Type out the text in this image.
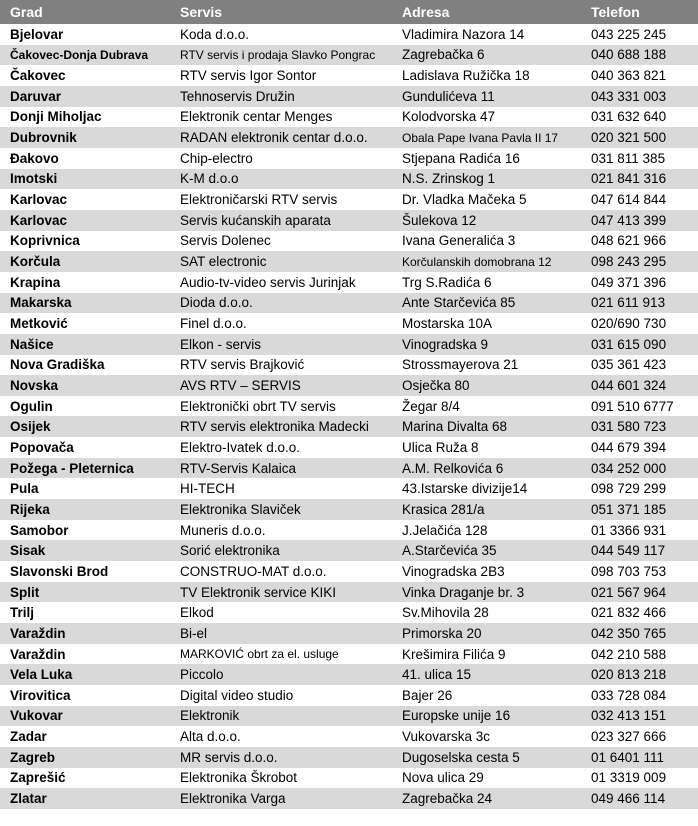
Grad	Servis	Adresa	Telefon
Bjelovar	Koda d.o.o.	Vladimira Nazora 14	043 225 245
Čakovec-Donja Dubrava	RTV servis i prodaja Slavko Pongrac	Zagrebačka 6	040 688 188
Čakovec	RTV servis Igor Sontor	Ladislava Ružička 18	040 363 821
Daruvar	Tehnoservis Družin	Gundulićeva 11	043 331 003
Donji Miholjac	Elektronik centar Menges	Kolodvorska 47	031 632 640
Dubrovnik	RADAN elektronik centar d.o.o.	Obala Pape Ivana Pavla II 17	020 321 500
Đakovo	Chip-electro	Stjepana Radića 16	031 811 385
Imotski	K-M d.o.o	N.S. Zrinskog 1	021 841 316
Karlovac	Elektroničarski RTV servis	Dr. Vladka Mačeka 5	047 614 844
Karlovac	Servis kućanskih aparata	Šulekova 12	047 413 399
Koprivnica	Servis Dolenec	Ivana Generalića 3	048 621 966
Korčula	SAT electronic	Korčulanskih domobrana 12	098 243 295
Krapina	Audio-tv-video servis Jurinjak	Trg S.Radića 6	049 371 396
Makarska	Dioda d.o.o.	Ante Starčevića 85	021 611 913
Metković	Finel d.o.o.	Mostarska 10A	020/690 730
Našice	Elkon - servis	Vinogradska 9	031 615 090
Nova Gradiška	RTV servis Brajković	Strossmayerova 21	035 361 423
Novska	AVS RTV – SERVIS	Osječka 80	044 601 324
Ogulin	Elektronički obrt TV servis	Žegar 8/4	091 510 6777
Osijek	RTV servis elektronika Madecki	Marina Divalta 68	031 580 723
Popovača	Elektro-Ivatek d.o.o.	Ulica Ruža 8	044 679 394
Požega - Pleternica	RTV-Servis Kalaica	A.M. Relkovića 6	034 252 000
Pula	HI-TECH	43.Istarske divizije14	098 729 299
Rijeka	Elektronika Slaviček	Krasica 281/a	051 371 185
Samobor	Muneris d.o.o.	J.Jelačića 128	01 3366 931
Sisak	Sorić elektronika	A.Starčevića 35	044 549 117
Slavonski Brod	CONSTRUO-MAT d.o.o.	Vinogradska 2B3	098 703 753
Split	TV Elektronik service KIKI	Vinka Draganje br. 3	021 567 964
Trilj	Elkod	Sv.Mihovila 28	021 832 466
Varaždin	Bi-el	Primorska 20	042 350 765
Varaždin	MARKOVIĆ obrt za el. usluge	Krešimira Filića 9	042 210 588
Vela Luka	Piccolo	41. ulica 15	020 813 218
Virovitica	Digital video studio	Bajer 26	033 728 084
Vukovar	Elektronik	Europske unije 16	032 413 151
Zadar	Alta d.o.o.	Vukovarska 3c	023 327 666
Zagreb	MR servis d.o.o.	Dugoselska cesta 5	01 6401 111
Zaprešić	Elektronika Škrobot	Nova ulica 29	01 3319 009
Zlatar	Elektronika Varga	Zagrebačka 24	049 466 114
